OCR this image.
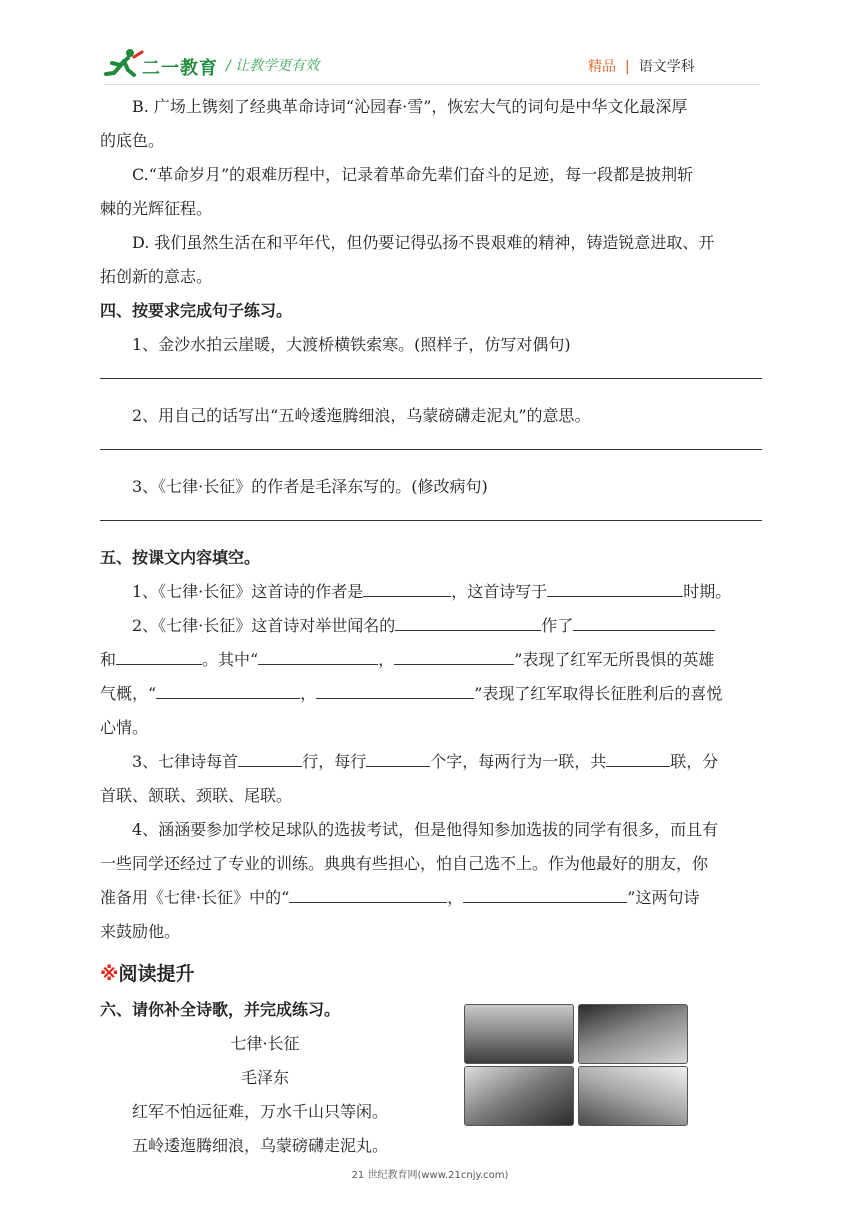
二一教育 / 让教学更有效	精品 | 语文学科

B. 广场上镌刻了经典革命诗词“沁园春·雪”，恢宏大气的词句是中华文化最深厚

的底色。

C.“革命岁月”的艰难历程中，记录着革命先辈们奋斗的足迹，每一段都是披荆斩

棘的光辉征程。

D. 我们虽然生活在和平年代，但仍要记得弘扬不畏艰难的精神，铸造锐意进取、开

拓创新的意志。

四、按要求完成句子练习。

1、金沙水拍云崖暖，大渡桥横铁索寒。(照样子，仿写对偶句)

2、用自己的话写出“五岭逶迤腾细浪，乌蒙磅礴走泥丸”的意思。

3、《七律·长征》的作者是毛泽东写的。(修改病句)

五、按课文内容填空。

1、《七律·长征》这首诗的作者是	，这首诗写于	时期。

2、《七律·长征》这首诗对举世闻名的	作了

和	。其中“	，	”表现了红军无所畏惧的英雄

气概，“	，	”表现了红军取得长征胜利后的喜悦

心情。

3、七律诗每首	行，每行	个字，每两行为一联，共	联，分

首联、颔联、颈联、尾联。

4、涵涵要参加学校足球队的选拔考试，但是他得知参加选拔的同学有很多，而且有

一些同学还经过了专业的训练。典典有些担心，怕自己选不上。作为他最好的朋友，你

准备用《七律·长征》中的“	，	”这两句诗

来鼓励他。

※阅读提升

六、请你补全诗歌，并完成练习。

七律·长征

毛泽东

红军不怕远征难，万水千山只等闲。

五岭逶迤腾细浪，乌蒙磅礴走泥丸。

21 世纪教育网(www.21cnjy.com)
